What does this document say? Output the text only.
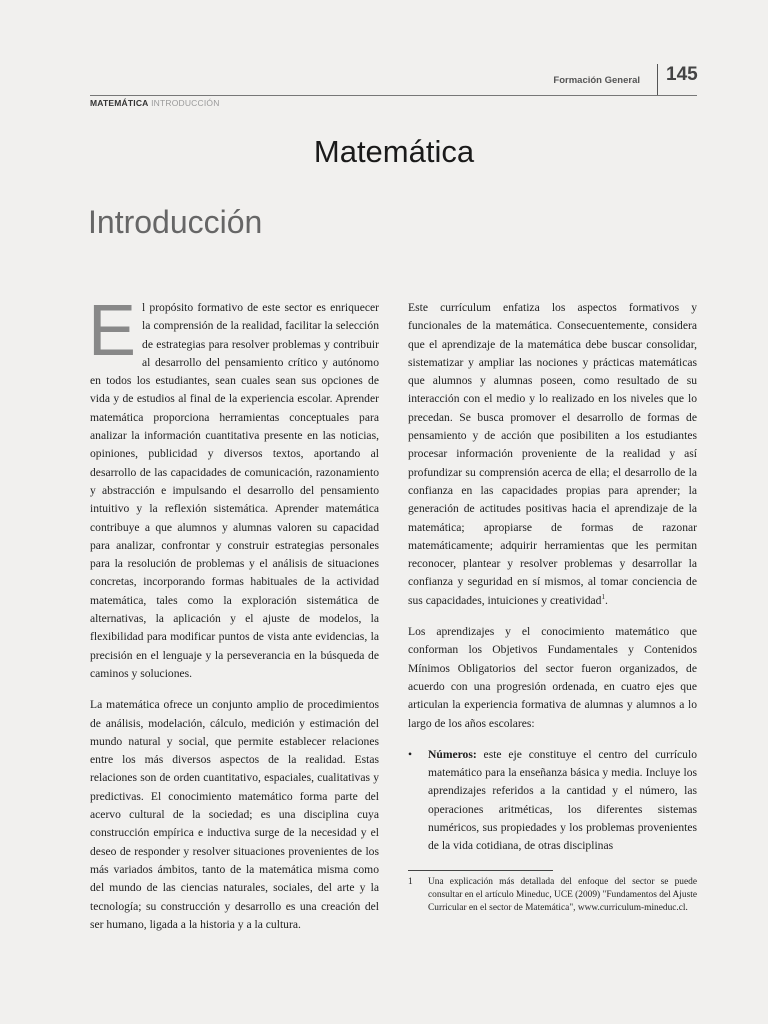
Formación General 145
MATEMÁTICA INTRODUCCIÓN
Matemática
Introducción

El propósito formativo de este sector es enriquecer la comprensión de la realidad, facilitar la selección de estrategias para resolver problemas y contribuir al desarrollo del pensamiento crítico y autónomo en todos los estudiantes, sean cuales sean sus opciones de vida y de estudios al final de la experiencia escolar. Aprender matemática proporciona herramientas conceptuales para analizar la información cuantitativa presente en las noticias, opiniones, publicidad y diversos textos, aportando al desarrollo de las capacidades de comunicación, razonamiento y abstracción e impulsando el desarrollo del pensamiento intuitivo y la reflexión sistemática. Aprender matemática contribuye a que alumnos y alumnas valoren su capacidad para analizar, confrontar y construir estrategias personales para la resolución de problemas y el análisis de situaciones concretas, incorporando formas habituales de la actividad matemática, tales como la exploración sistemática de alternativas, la aplicación y el ajuste de modelos, la flexibilidad para modificar puntos de vista ante evidencias, la precisión en el lenguaje y la perseverancia en la búsqueda de caminos y soluciones.

La matemática ofrece un conjunto amplio de procedimientos de análisis, modelación, cálculo, medición y estimación del mundo natural y social, que permite establecer relaciones entre los más diversos aspectos de la realidad. Estas relaciones son de orden cuantitativo, espaciales, cualitativas y predictivas. El conocimiento matemático forma parte del acervo cultural de la sociedad; es una disciplina cuya construcción empírica e inductiva surge de la necesidad y el deseo de responder y resolver situaciones provenientes de los más variados ámbitos, tanto de la matemática misma como del mundo de las ciencias naturales, sociales, del arte y la tecnología; su construcción y desarrollo es una creación del ser humano, ligada a la historia y a la cultura.

Este currículum enfatiza los aspectos formativos y funcionales de la matemática. Consecuentemente, considera que el aprendizaje de la matemática debe buscar consolidar, sistematizar y ampliar las nociones y prácticas matemáticas que alumnos y alumnas poseen, como resultado de su interacción con el medio y lo realizado en los niveles que lo precedan. Se busca promover el desarrollo de formas de pensamiento y de acción que posibiliten a los estudiantes procesar información proveniente de la realidad y así profundizar su comprensión acerca de ella; el desarrollo de la confianza en las capacidades propias para aprender; la generación de actitudes positivas hacia el aprendizaje de la matemática; apropiarse de formas de razonar matemáticamente; adquirir herramientas que les permitan reconocer, plantear y resolver problemas y desarrollar la confianza y seguridad en sí mismos, al tomar conciencia de sus capacidades, intuiciones y creatividad$^1$.

Los aprendizajes y el conocimiento matemático que conforman los Objetivos Fundamentales y Contenidos Mínimos Obligatorios del sector fueron organizados, de acuerdo con una progresión ordenada, en cuatro ejes que articulan la experiencia formativa de alumnas y alumnos a lo largo de los años escolares:

• Números: este eje constituye el centro del currículo matemático para la enseñanza básica y media. Incluye los aprendizajes referidos a la cantidad y el número, las operaciones aritméticas, los diferentes sistemas numéricos, sus propiedades y los problemas provenientes de la vida cotidiana, de otras disciplinas
1 Una explicación más detallada del enfoque del sector se puede consultar en el artículo Mineduc, UCE (2009) "Fundamentos del Ajuste Curricular en el sector de Matemática", www.curriculum-mineduc.cl.
